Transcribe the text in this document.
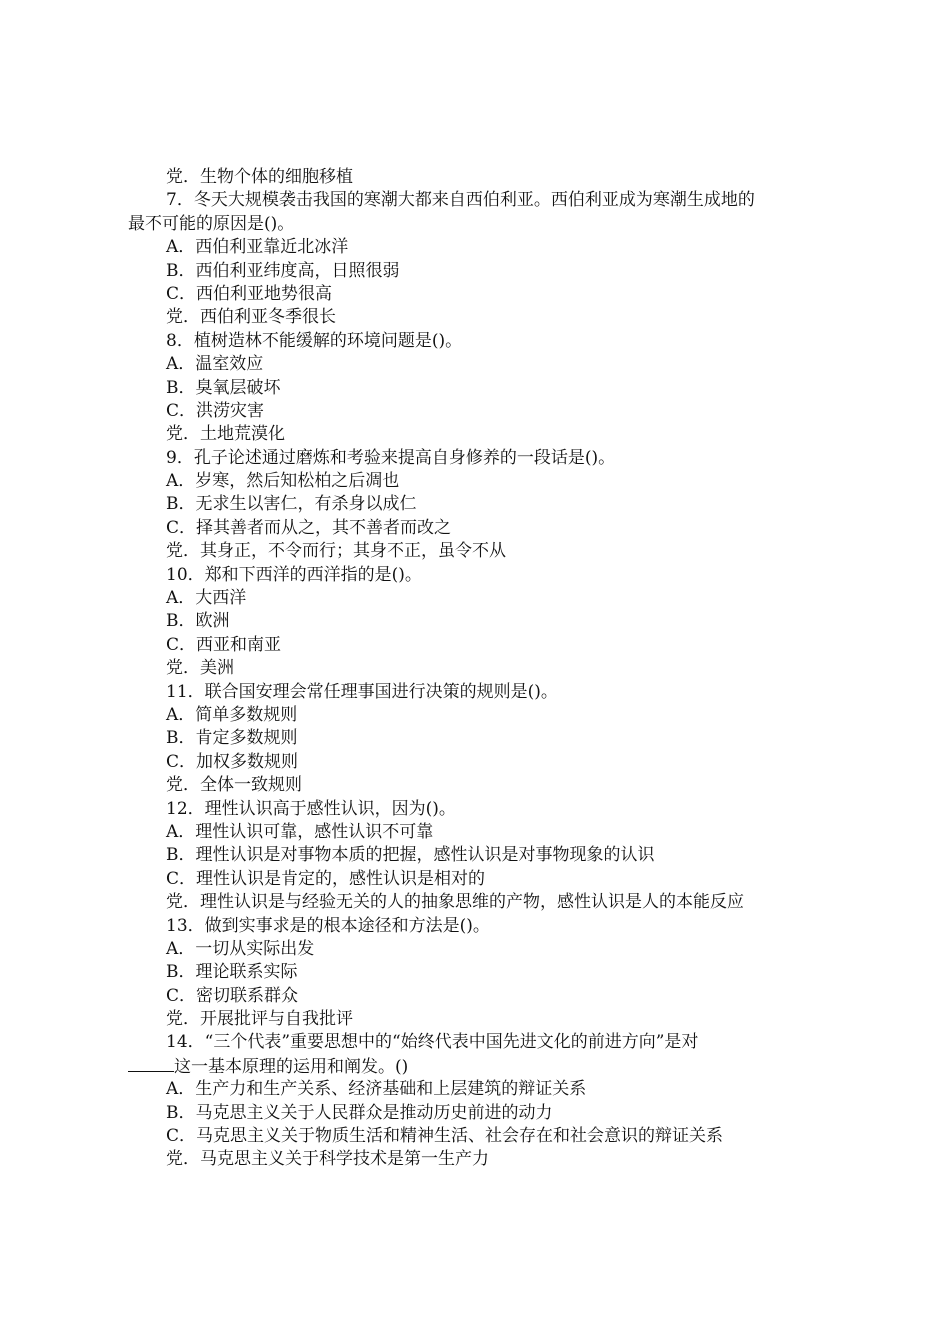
党．生物个体的细胞移植
7．冬天大规模袭击我国的寒潮大都来自西伯利亚。西伯利亚成为寒潮生成地的
最不可能的原因是()。
A．西伯利亚靠近北冰洋
B．西伯利亚纬度高，日照很弱
C．西伯利亚地势很高
党．西伯利亚冬季很长
8．植树造林不能缓解的环境问题是()。
A．温室效应
B．臭氧层破坏
C．洪涝灾害
党．土地荒漠化
9．孔子论述通过磨炼和考验来提高自身修养的一段话是()。
A．岁寒，然后知松柏之后凋也
B．无求生以害仁，有杀身以成仁
C．择其善者而从之，其不善者而改之
党．其身正，不令而行；其身不正，虽令不从
10．郑和下西洋的西洋指的是()。
A．大西洋
B．欧洲
C．西亚和南亚
党．美洲
11．联合国安理会常任理事国进行决策的规则是()。
A．简单多数规则
B．肯定多数规则
C．加权多数规则
党．全体一致规则
12．理性认识高于感性认识，因为()。
A．理性认识可靠，感性认识不可靠
B．理性认识是对事物本质的把握，感性认识是对事物现象的认识
C．理性认识是肯定的，感性认识是相对的
党．理性认识是与经验无关的人的抽象思维的产物，感性认识是人的本能反应
13．做到实事求是的根本途径和方法是()。
A．一切从实际出发
B．理论联系实际
C．密切联系群众
党．开展批评与自我批评
14．“三个代表”重要思想中的“始终代表中国先进文化的前进方向”是对
这一基本原理的运用和阐发。()
A．生产力和生产关系、经济基础和上层建筑的辩证关系
B．马克思主义关于人民群众是推动历史前进的动力
C．马克思主义关于物质生活和精神生活、社会存在和社会意识的辩证关系
党．马克思主义关于科学技术是第一生产力
